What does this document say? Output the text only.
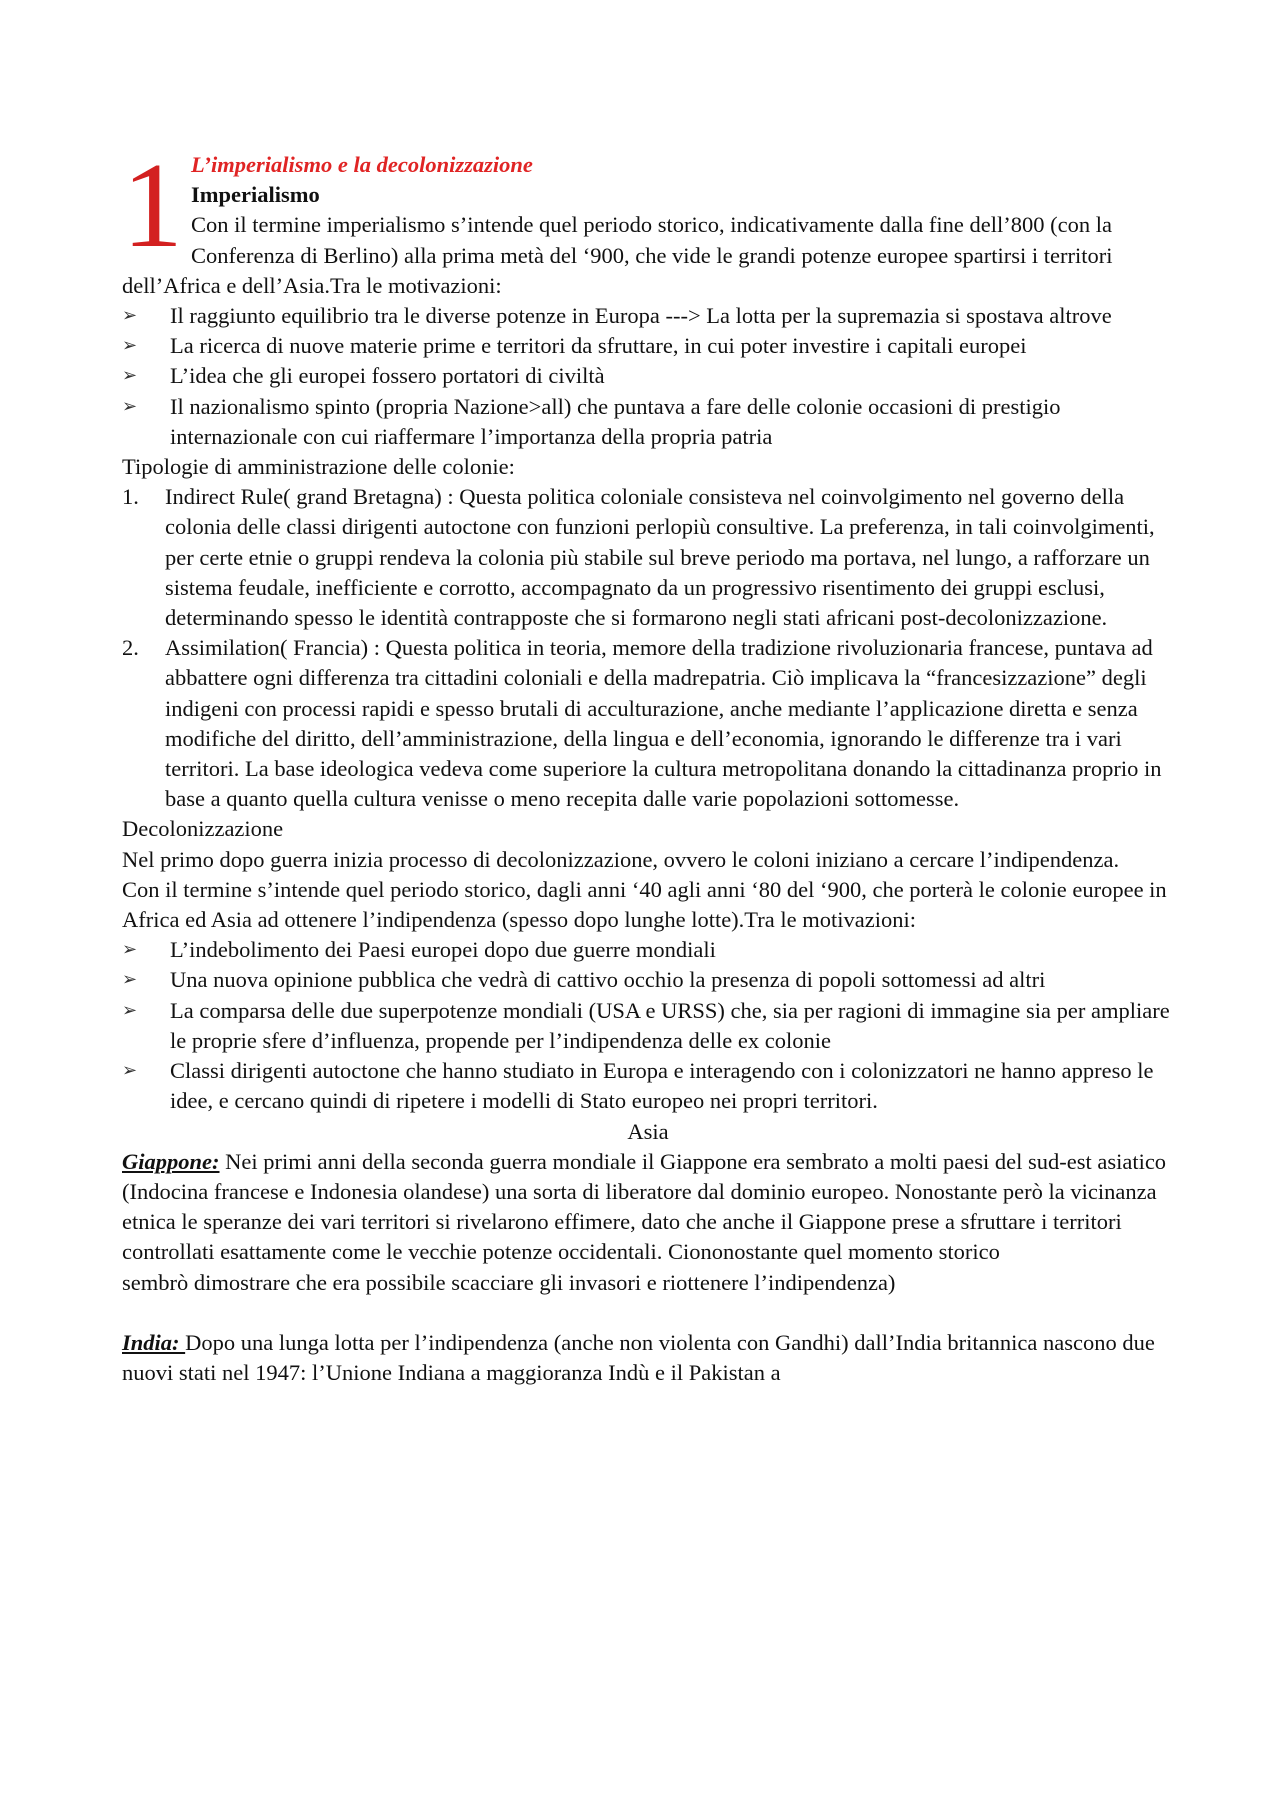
1 L’imperialismo e la decolonizzazione
Imperialismo

Con il termine imperialismo s’intende quel periodo storico, indicativamente dalla fine dell’800 (con la Conferenza di Berlino) alla prima metà del ‘900, che vide le grandi potenze europee spartirsi i territori dell’Africa e dell’Asia.Tra le motivazioni:

➢	Il raggiunto equilibrio tra le diverse potenze in Europa ---> La lotta per la supremazia si spostava altrove
➢	La ricerca di nuove materie prime e territori da sfruttare, in cui poter investire i capitali europei
➢	L’idea che gli europei fossero portatori di civiltà
➢	Il nazionalismo spinto (propria Nazione>all) che puntava a fare delle colonie occasioni di prestigio internazionale con cui riaffermare l’importanza della propria patria

Tipologie di amministrazione delle colonie:

1. Indirect Rule( grand Bretagna) : Questa politica coloniale consisteva nel coinvolgimento nel governo della colonia delle classi dirigenti autoctone con funzioni perlopiù consultive. La preferenza, in tali coinvolgimenti, per certe etnie o gruppi rendeva la colonia più stabile sul breve periodo ma portava, nel lungo, a rafforzare un sistema feudale, inefficiente e corrotto, accompagnato da un progressivo risentimento dei gruppi esclusi, determinando spesso le identità contrapposte che si formarono negli stati africani post-decolonizzazione.
2. Assimilation( Francia) : Questa politica in teoria, memore della tradizione rivoluzionaria francese, puntava ad abbattere ogni differenza tra cittadini coloniali e della madrepatria. Ciò implicava la “francesizzazione” degli indigeni con processi rapidi e spesso brutali di acculturazione, anche mediante l’applicazione diretta e senza modifiche del diritto, dell’amministrazione, della lingua e dell’economia, ignorando le differenze tra i vari territori. La base ideologica vedeva come superiore la cultura metropolitana donando la cittadinanza proprio in base a quanto quella cultura venisse o meno recepita dalle varie popolazioni sottomesse.

Decolonizzazione

Nel primo dopo guerra inizia processo di decolonizzazione, ovvero le coloni iniziano a cercare l’indipendenza.

Con il termine s’intende quel periodo storico, dagli anni ‘40 agli anni ‘80 del ‘900, che porterà le colonie europee in Africa ed Asia ad ottenere l’indipendenza (spesso dopo lunghe lotte).Tra le motivazioni:

➢	L’indebolimento dei Paesi europei dopo due guerre mondiali
➢	Una nuova opinione pubblica che vedrà di cattivo occhio la presenza di popoli sottomessi ad altri
➢	La comparsa delle due superpotenze mondiali (USA e URSS) che, sia per ragioni di immagine sia per ampliare le proprie sfere d’influenza, propende per l’indipendenza delle ex colonie
➢	Classi dirigenti autoctone che hanno studiato in Europa e interagendo con i colonizzatori ne hanno appreso le idee, e cercano quindi di ripetere i modelli di Stato europeo nei propri territori.

Asia

Giappone: Nei primi anni della seconda guerra mondiale il Giappone era sembrato a molti paesi del sud-est asiatico (Indocina francese e Indonesia olandese) una sorta di liberatore dal dominio europeo. Nonostante però la vicinanza etnica le speranze dei vari territori si rivelarono effimere, dato che anche il Giappone prese a sfruttare i territori controllati esattamente come le vecchie potenze occidentali. Ciononostante quel momento storico

sembrò dimostrare che era possibile scacciare gli invasori e riottenere l’indipendenza)

India: Dopo una lunga lotta per l’indipendenza (anche non violenta con Gandhi) dall’India britannica nascono due nuovi stati nel 1947: l’Unione Indiana a maggioranza Indù e il Pakistan a
